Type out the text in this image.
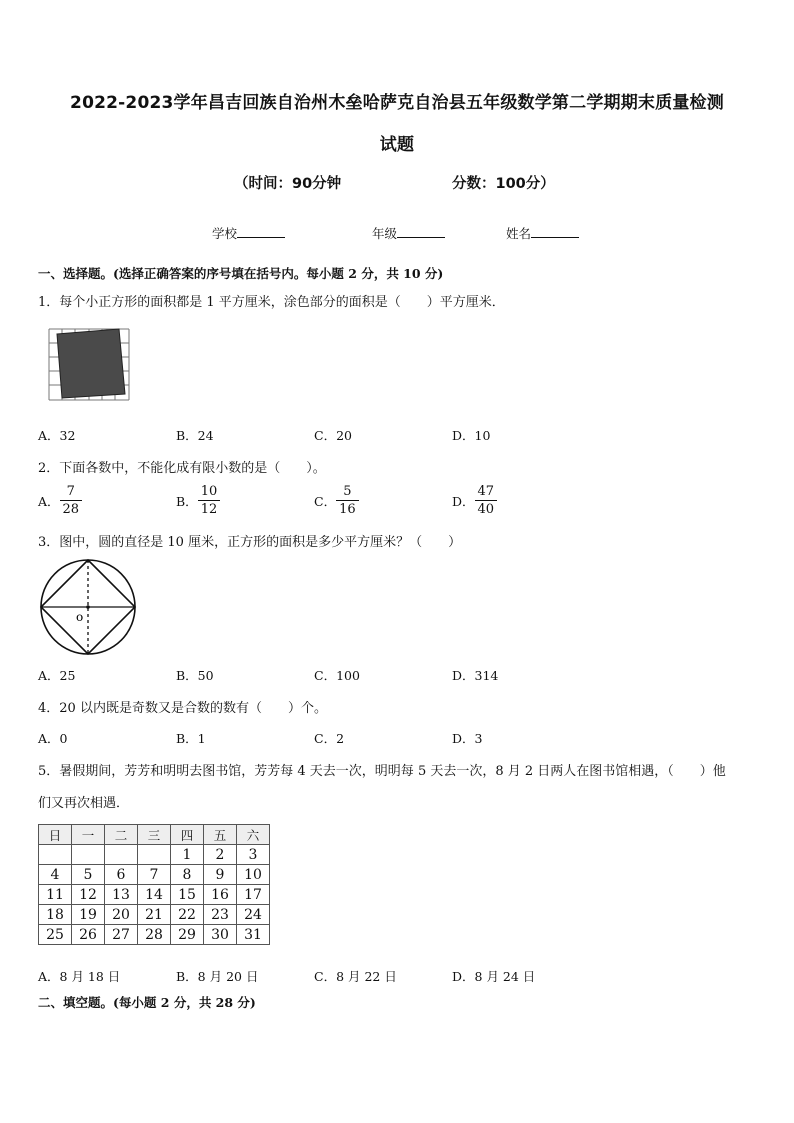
2022-2023学年昌吉回族自治州木垒哈萨克自治县五年级数学第二学期期末质量检测
试题
（时间：90分钟	分数：100分）
学校	年级	姓名
一、选择题。(选择正确答案的序号填在括号内。每小题 2 分，共 10 分)
1．每个小正方形的面积都是 1 平方厘米，涂色部分的面积是（　　）平方厘米．
A．32	B．24	C．20	D．10
2．下面各数中，不能化成有限小数的是（　　）。
A． $\frac{7}{28}$	B． $\frac{10}{12}$	C． $\frac{5}{16}$	D． $\frac{47}{40}$
3．图中，圆的直径是 10 厘米，正方形的面积是多少平方厘米？（　　）
o
A．25	B．50	C．100	D．314
4．20 以内既是奇数又是合数的数有（　　）个。
A．0	B．1	C．2	D．3
5．暑假期间，芳芳和明明去图书馆，芳芳每 4 天去一次，明明每 5 天去一次，8 月 2 日两人在图书馆相遇，（　　）他
们又再次相遇．
日	一	二	三	四	五	六
				1	2	3
4	5	6	7	8	9	10
11	12	13	14	15	16	17
18	19	20	21	22	23	24
25	26	27	28	29	30	31
A．8 月 18 日	B．8 月 20 日	C．8 月 22 日	D．8 月 24 日
二、填空题。(每小题 2 分，共 28 分)
